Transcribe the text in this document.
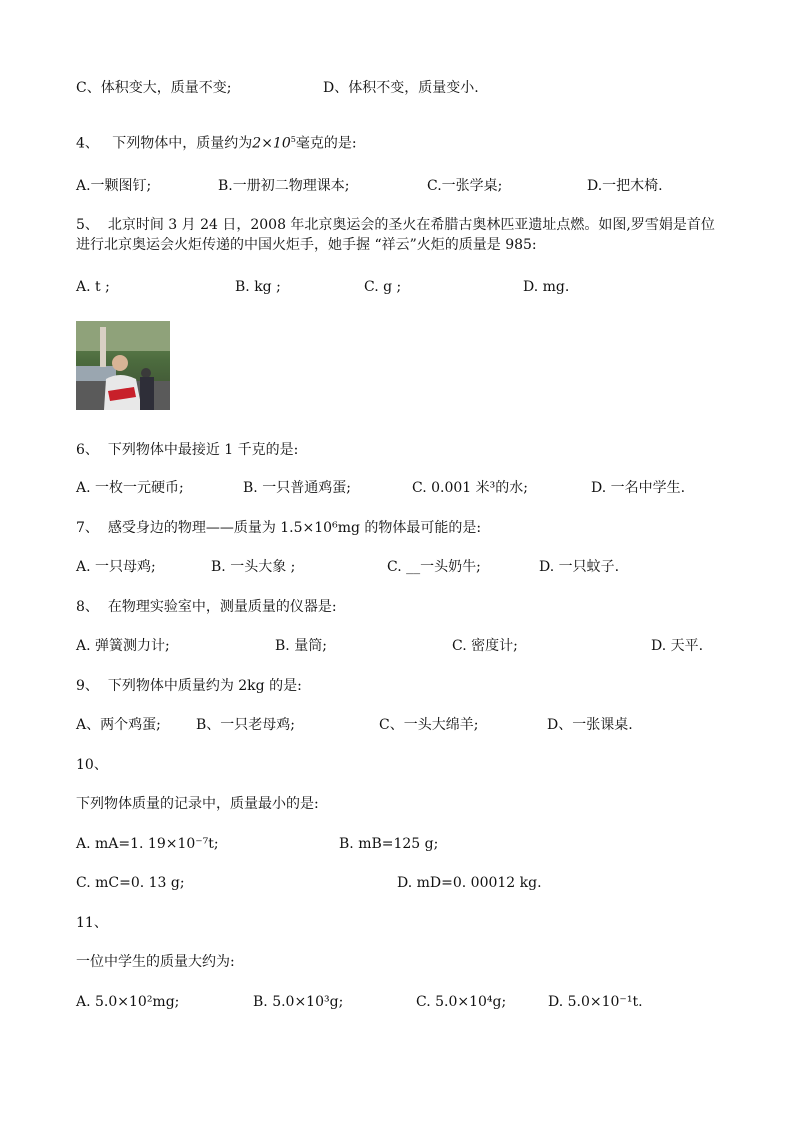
C、体积变大，质量不变;	D、体积不变，质量变小.
4、 下列物体中，质量约为$2\times 10^5$毫克的是:
A.一颗图钉;	B.一册初二物理课本;	C.一张学桌;	D.一把木椅.
5、 北京时间 3 月 24 日，2008 年北京奥运会的圣火在希腊古奥林匹亚遗址点燃。如图,罗雪娟是首位进行北京奥运会火炬传递的中国火炬手，她手握 “祥云”火炬的质量是 985:
A. t ;	B. kg ;	C. g ;	D. mg.
6、 下列物体中最接近 1 千克的是:
A. 一枚一元硬币;	B. 一只普通鸡蛋;	C. 0.001 米³的水;	D. 一名中学生.
7、 感受身边的物理——质量为 1.5×10⁶mg 的物体最可能的是:
A. 一只母鸡;	B. 一头大象 ;	C. __一头奶牛;	D. 一只蚊子.
8、 在物理实验室中，测量质量的仪器是:
A. 弹簧测力计;	B. 量筒;	C. 密度计;	D. 天平.
9、 下列物体中质量约为 2kg 的是:
A、两个鸡蛋;	B、一只老母鸡;	C、一头大绵羊;	D、一张课桌.
10、
下列物体质量的记录中，质量最小的是:
A. mA=1. 19×10⁻⁷t;	B. mB=125 g;
C. mC=0. 13 g;	D. mD=0. 00012 kg.
11、
一位中学生的质量大约为:
A. 5.0×10²mg;	B. 5.0×10³g;	C. 5.0×10⁴g;	D. 5.0×10⁻¹t.
